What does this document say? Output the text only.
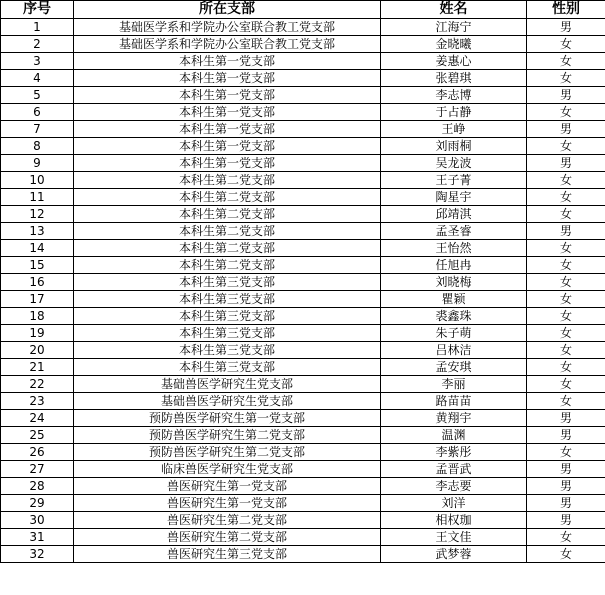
序号	所在支部	姓名	性别
1	基础医学系和学院办公室联合教工党支部	江海宁	男
2	基础医学系和学院办公室联合教工党支部	金晓曦	女
3	本科生第一党支部	姜惠心	女
4	本科生第一党支部	张碧琪	女
5	本科生第一党支部	李志博	男
6	本科生第一党支部	于占静	女
7	本科生第一党支部	王峥	男
8	本科生第一党支部	刘雨桐	女
9	本科生第一党支部	吴龙波	男
10	本科生第二党支部	王子菁	女
11	本科生第二党支部	陶星宇	女
12	本科生第二党支部	邱靖淇	女
13	本科生第二党支部	孟圣睿	男
14	本科生第二党支部	王怡然	女
15	本科生第二党支部	任旭冉	女
16	本科生第三党支部	刘晓梅	女
17	本科生第三党支部	瞿颖	女
18	本科生第三党支部	裘鑫珠	女
19	本科生第三党支部	朱子萌	女
20	本科生第三党支部	吕林洁	女
21	本科生第三党支部	孟安琪	女
22	基础兽医学研究生党支部	李丽	女
23	基础兽医学研究生党支部	路苗苗	女
24	预防兽医学研究生第一党支部	黄翔宇	男
25	预防兽医学研究生第二党支部	温渊	男
26	预防兽医学研究生第二党支部	李紫彤	女
27	临床兽医学研究生党支部	孟晋武	男
28	兽医研究生第一党支部	李志要	男
29	兽医研究生第一党支部	刘洋	男
30	兽医研究生第二党支部	相权珈	男
31	兽医研究生第二党支部	王文佳	女
32	兽医研究生第三党支部	武梦蓉	女
